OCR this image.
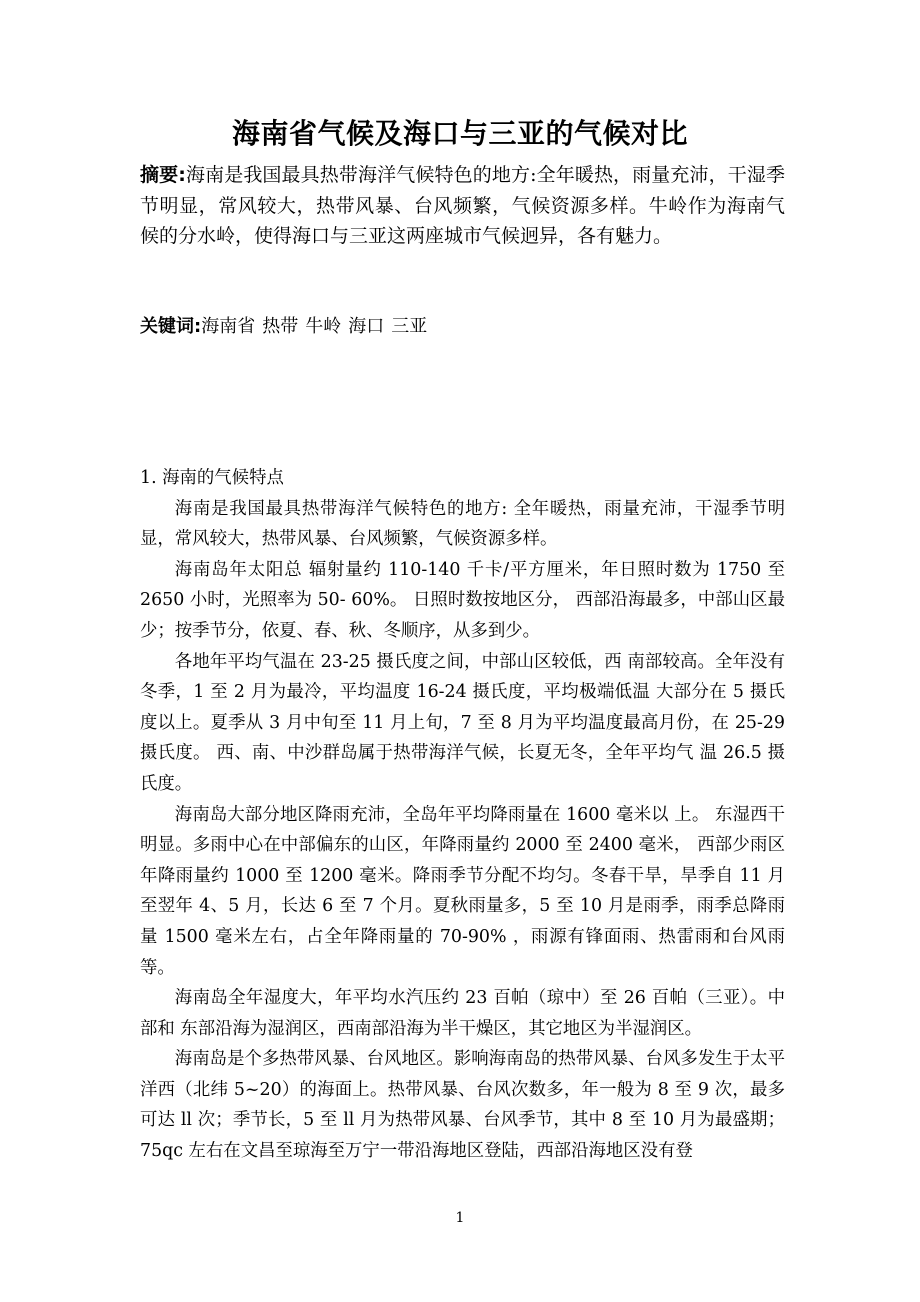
海南省气候及海口与三亚的气候对比
摘要:海南是我国最具热带海洋气候特色的地方:全年暖热，雨量充沛，干湿季节明显，常风较大，热带风暴、台风频繁，气候资源多样。牛岭作为海南气候的分水岭，使得海口与三亚这两座城市气候迥异，各有魅力。
关键词:海南省 热带 牛岭 海口 三亚
1. 海南的气候特点

海南是我国最具热带海洋气候特色的地方: 全年暖热，雨量充沛，干湿季节明显，常风较大，热带风暴、台风频繁，气候资源多样。

海南岛年太阳总 辐射量约 110-140 千卡/平方厘米，年日照时数为 1750 至 2650 小时，光照率为 50- 60%。 日照时数按地区分， 西部沿海最多，中部山区最少；按季节分，依夏、春、秋、冬顺序，从多到少。

各地年平均气温在 23-25 摄氏度之间，中部山区较低，西 南部较高。全年没有冬季，1 至 2 月为最冷，平均温度 16-24 摄氏度，平均极端低温 大部分在 5 摄氏度以上。夏季从 3 月中旬至 11 月上旬，7 至 8 月为平均温度最高月份，在 25-29 摄氏度。 西、南、中沙群岛属于热带海洋气候，长夏无冬，全年平均气 温 26.5 摄氏度。

海南岛大部分地区降雨充沛，全岛年平均降雨量在 1600 毫米以 上。 东湿西干明显。多雨中心在中部偏东的山区，年降雨量约 2000 至 2400 毫米， 西部少雨区年降雨量约 1000 至 1200 毫米。降雨季节分配不均匀。冬春干旱，旱季自 11 月至翌年 4、5 月，长达 6 至 7 个月。夏秋雨量多，5 至 10 月是雨季，雨季总降雨 量 1500 毫米左右，占全年降雨量的 70-90% ，雨源有锋面雨、热雷雨和台风雨等。

海南岛全年湿度大，年平均水汽压约 23 百帕（琼中）至 26 百帕（三亚）。中部和 东部沿海为湿润区，西南部沿海为半干燥区，其它地区为半湿润区。

海南岛是个多热带风暴、台风地区。影响海南岛的热带风暴、台风多发生于太平洋西（北纬 5~20）的海面上。热带风暴、台风次数多，年一般为 8 至 9 次，最多可达 ll 次；季节长，5 至 ll 月为热带风暴、台风季节，其中 8 至 10 月为最盛期；75qc 左右在文昌至琼海至万宁一带沿海地区登陆，西部沿海地区没有登

1
